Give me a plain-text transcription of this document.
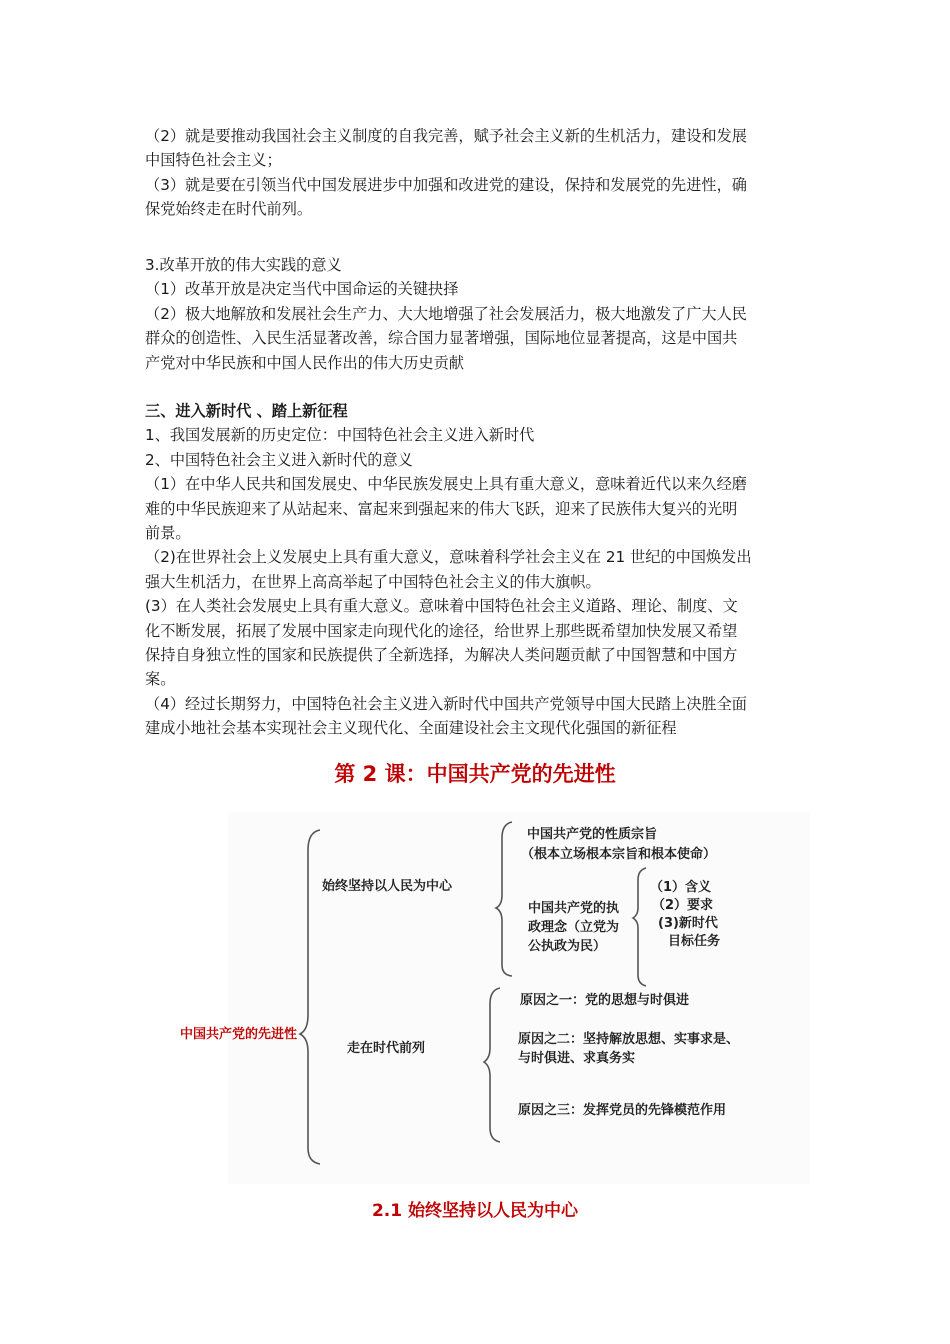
（2）就是要推动我国社会主义制度的自我完善，赋予社会主义新的生机活力，建设和发展
中国特色社会主义；
（3）就是要在引领当代中国发展进步中加强和改进党的建设，保持和发展党的先进性，确
保党始终走在时代前列。
3.改革开放的伟大实践的意义
（1）改革开放是决定当代中国命运的关键抉择
（2）极大地解放和发展社会生产力、大大地增强了社会发展活力，极大地激发了广大人民
群众的创造性、入民生活显著改善，综合国力显著增强，国际地位显著提高，这是中国共
产党对中华民族和中国人民作出的伟大历史贡献
三、进入新时代 、踏上新征程
1、我国发展新的历史定位：中国特色社会主义进入新时代
2、中国特色社会主义进入新时代的意义
（1）在中华人民共和国发展史、中华民族发展史上具有重大意义，意味着近代以来久经磨
难的中华民族迎来了从站起来、富起来到强起来的伟大飞跃，迎来了民族伟大复兴的光明
前景。
（2)在世界社会上义发展史上具有重大意义，意味着科学社会主义在 21 世纪的中国焕发出
强大生机活力，在世界上高高举起了中国特色社会主义的伟大旗帜。
(3）在人类社会发展史上具有重大意义。意味着中国特色社会主义道路、理论、制度、文
化不断发展，拓展了发展中国家走向现代化的途径，给世界上那些既希望加快发展又希望
保持自身独立性的国家和民族提供了全新选择，为解决人类问题贡献了中国智慧和中国方
案。
（4）经过长期努力，中国特色社会主义进入新时代中国共产党领导中国大民踏上决胜全面
建成小地社会基本实现社会主义现代化、全面建设社会主文现代化强国的新征程
第 2 课：中国共产党的先进性
中国共产党的先进性
始终坚持以人民为中心
中国共产党的性质宗旨
（根本立场根本宗旨和根本使命）
中国共产党的执
政理念（立党为
公执政为民）
（1）含义
（2）要求
(3)新时代
目标任务
走在时代前列
原因之一：党的思想与时俱进
原因之二：坚持解放思想、实事求是、
与时俱进、求真务实
原因之三：发挥党员的先锋模范作用
2.1 始终坚持以人民为中心
